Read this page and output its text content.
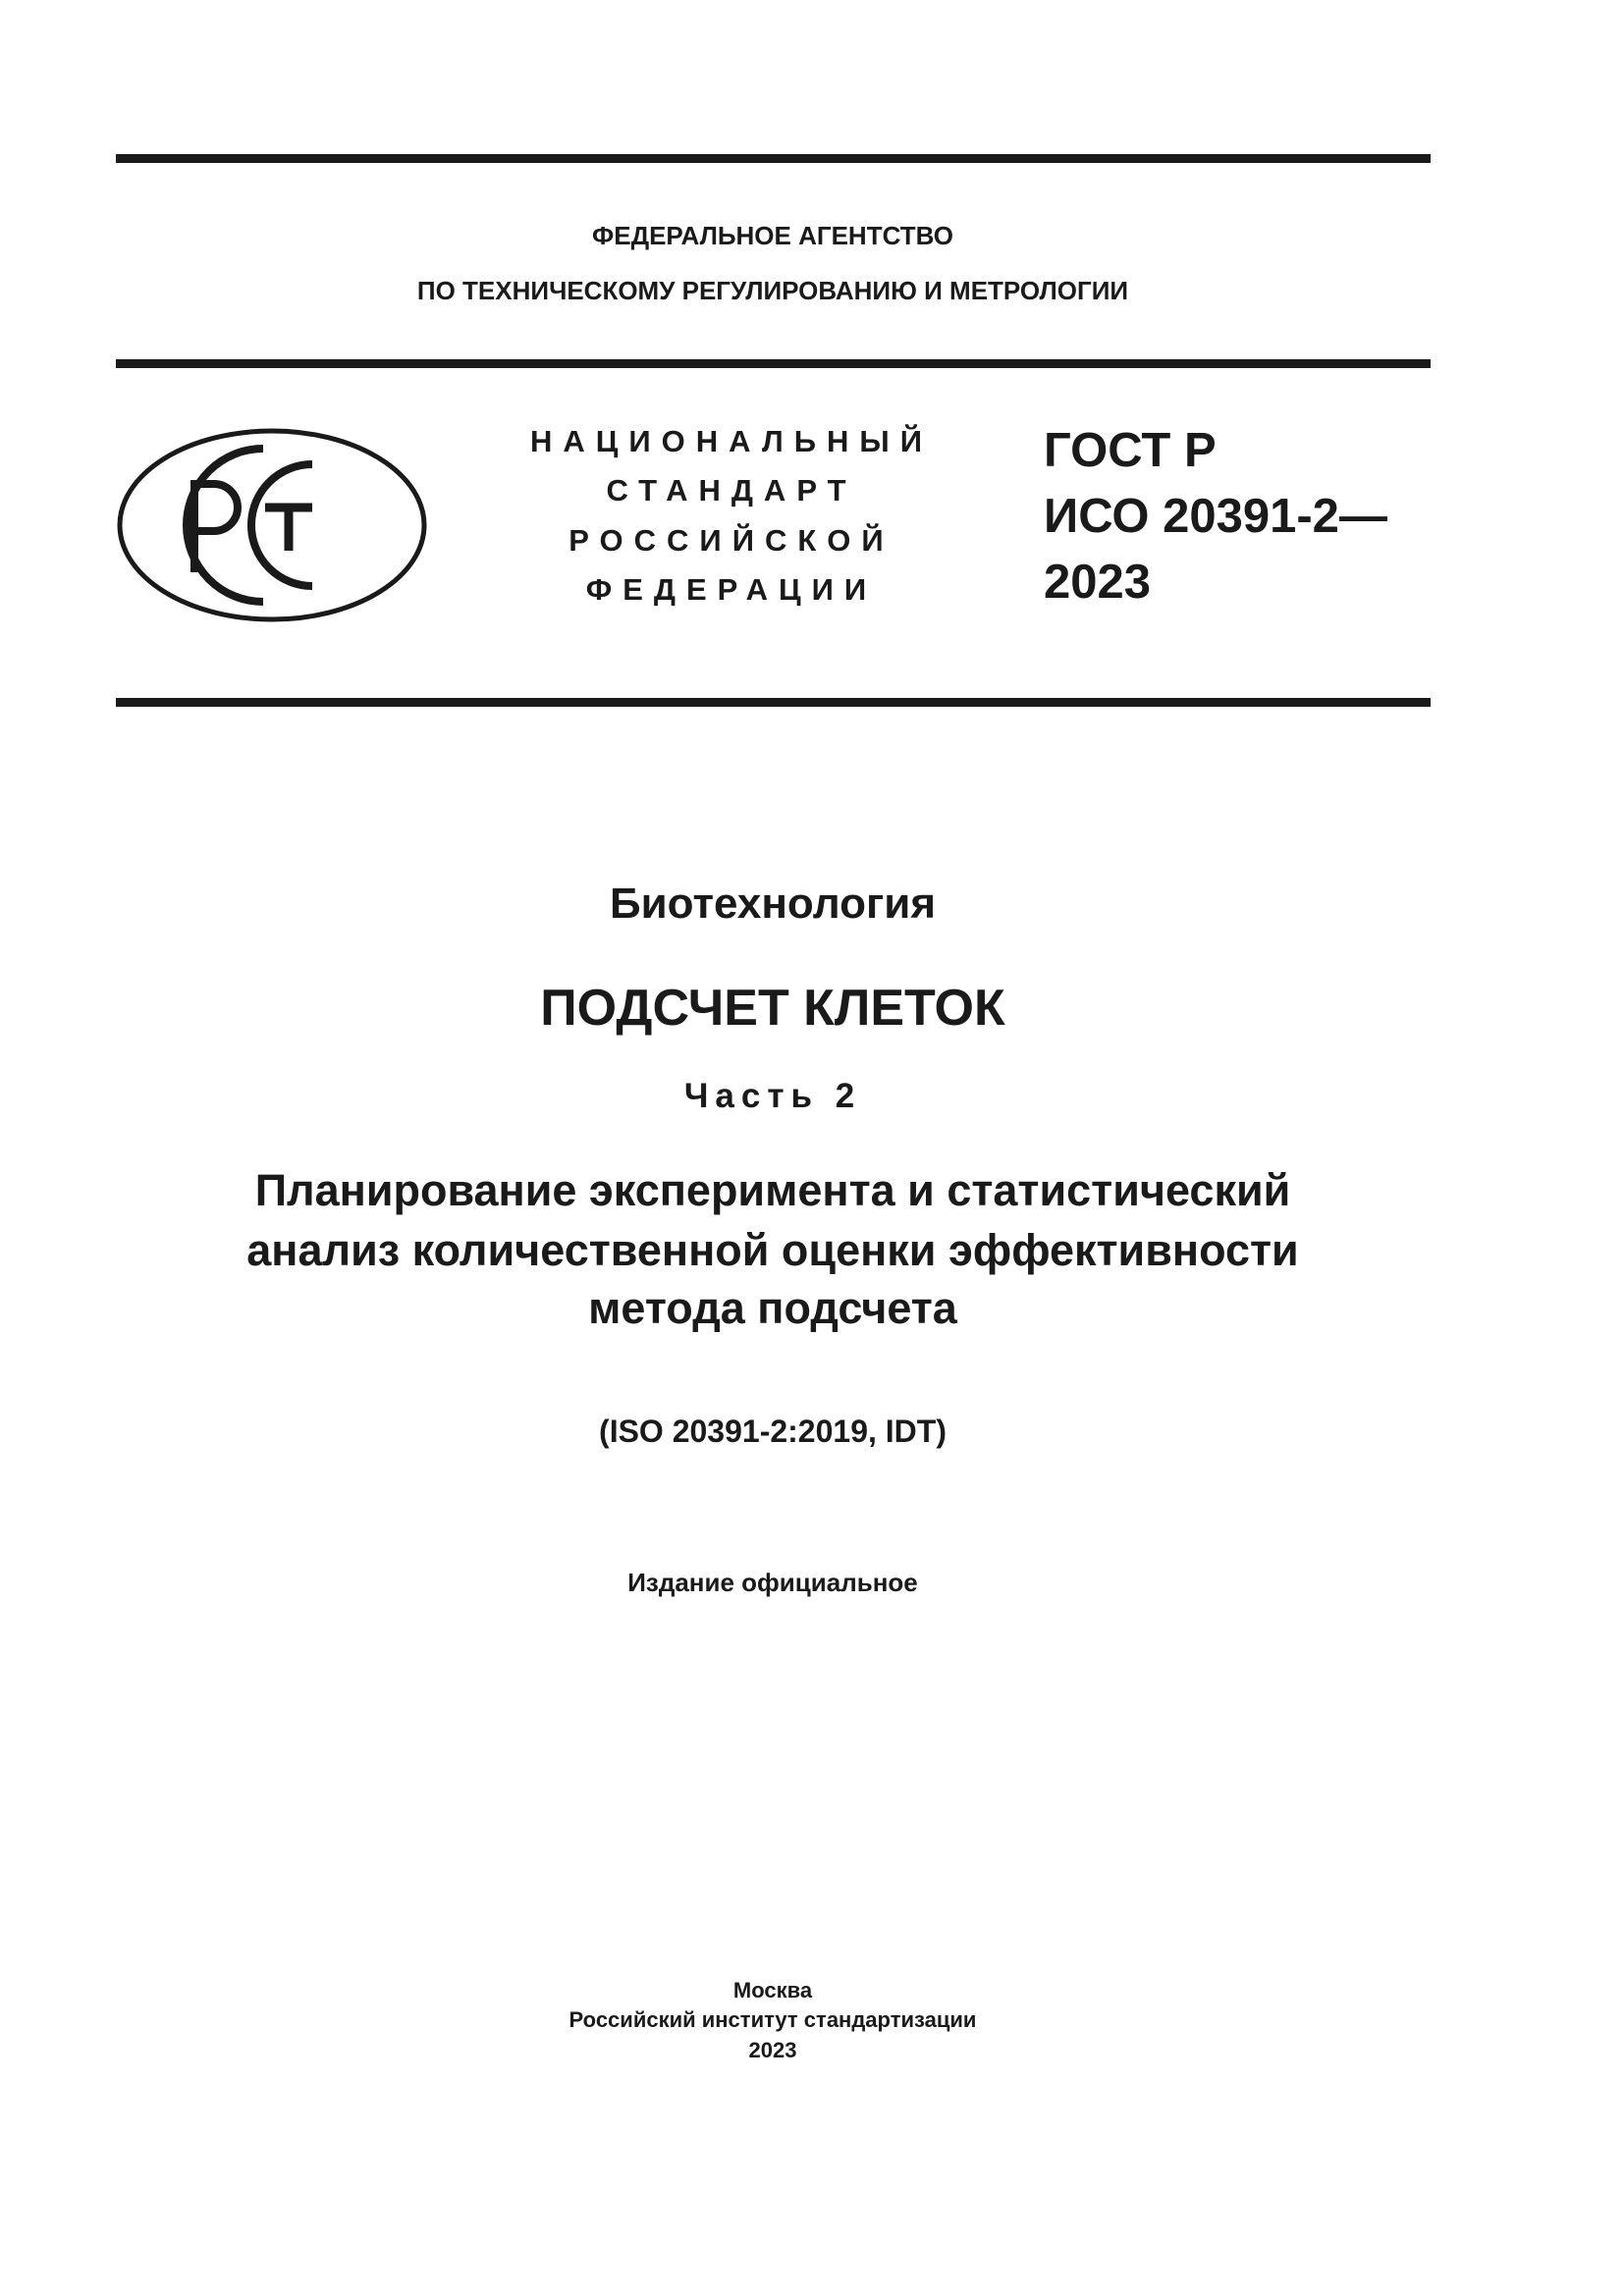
ФЕДЕРАЛЬНОЕ АГЕНТСТВО
ПО ТЕХНИЧЕСКОМУ РЕГУЛИРОВАНИЮ И МЕТРОЛОГИИ
НАЦИОНАЛЬНЫЙ
СТАНДАРТ
РОССИЙСКОЙ
ФЕДЕРАЦИИ
ГОСТ Р
ИСО 20391-2—
2023
Биотехнология
ПОДСЧЕТ КЛЕТОК
Часть 2
Планирование эксперимента и статистический
анализ количественной оценки эффективности
метода подсчета
(ISO 20391-2:2019, IDT)
Издание официальное
Москва
Российский институт стандартизации
2023
